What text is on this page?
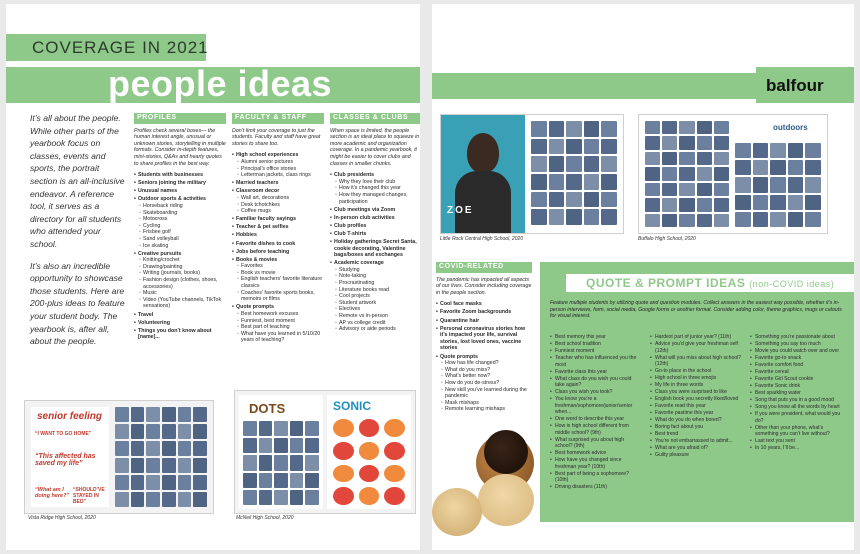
COVERAGE IN 2021
people ideas

It’s all about the people. While other parts of the yearbook focus on classes, events and sports, the portrait section is an all-inclusive endeavor. A reference tool, it serves as a directory for all students who attended your school.

It’s also an incredible opportunity to showcase those students. Here are 200-plus ideas to feature your student body. The yearbook is, after all, about the people.

PROFILES
Profiles check several boxes— the human interest angle, unusual or unknown stories, storytelling in multiple formats. Consider in-depth features, mini-stories, Q&As and hearty quotes to share profiles in the best way.
• Students with businesses
• Seniors joining the military
• Unusual names
• Outdoor sports & activities
◦ Horseback riding
◦ Skateboarding
◦ Motocross
◦ Cycling
◦ Frisbee golf
◦ Sand volleyball
◦ Ice skating
• Creative pursuits
◦ Knitting/crochet
◦ Drawing/painting
◦ Writing (journals, books)
◦ Fashion design (clothes, shoes, accessories)
◦ Music
◦ Video (YouTube channels, TikTok sensations)
• Travel
• Volunteering
• Things you don’t know about [name]...
FACULTY & STAFF
Don’t limit your coverage to just the students. Faculty and staff have great stories to share too.
• High school experiences
◦ Alumni senior pictures
◦ Principal’s office stories
◦ Letterman jackets, class rings
• Married teachers
• Classroom decor
◦ Wall art, decorations
◦ Desk tchotchkes
◦ Coffee mugs
• Familiar faculty sayings
• Teacher & pet selfies
• Hobbies
• Favorite dishes to cook
• Jobs before teaching
• Books & movies
◦ Favorites
◦ Book vs movie
◦ English teachers’ favorite literature classics
◦ Coaches’ favorite sports books, memoirs or films
• Quote prompts
◦ Best homework excuses
◦ Funniest, best moment
◦ Best part of teaching
◦ What have you learned in 5/10/20 years of teaching?
CLASSES & CLUBS
When space is limited, the people section is an ideal place to squeeze in more academic and organization coverage. In a pandemic yearbook, it might be easier to cover clubs and classes in smaller chunks.
• Club presidents
◦ Why they love their club
◦ How it’s changed this year
◦ How they managed changes, participation
• Club meetings via Zoom
• In-person club activities
• Club profiles
• Club T-shirts
• Holiday gatherings Secret Santa, cookie decorating, Valentine bags/boxes and exchanges
• Academic coverage
◦ Studying
◦ Note-taking
◦ Procrastinating
◦ Literature books read
◦ Cool projects
◦ Student artwork
◦ Electives
◦ Remote vs in-person
◦ AP vs college credit
◦ Advisory or aide periods
senior feeling
“I WANT TO GO HOME”
“This affected has saved my life”
“What am I doing here?”
“SHOULD’VE STAYED IN BED”
Vista Ridge High School, 2020
DOTS	SONIC
McNeil High School, 2020
balfour
ZOE
Little Rock Central High School, 2020
outdoors
Buffalo High School, 2020
COVID-RELATED
The pandemic has impacted all aspects of our lives. Consider including coverage in the people section.
• Cool face masks
• Favorite Zoom backgrounds
• Quarantine hair
• Personal coronavirus stories how it’s impacted your life, survival stories, lost loved ones, vaccine stories
• Quote prompts
◦ How has life changed?
◦ What do you miss?
◦ What’s better now?
◦ How do you de-stress?
◦ New skill you’ve learned during the pandemic
◦ Mask mishaps
◦ Remote learning mishaps
QUOTE & PROMPT IDEAS (non-COVID ideas)
Feature multiple students by utilizing quote and question modules. Collect answers in the easiest way possible, whether it’s in-person interviews, form, social media, Google forms or another format. Consider adding color, theme graphics, mugs or cutouts for visual interest.
• Best memory this year
• Best school tradition
• Funniest moment
• Teacher who has influenced you the most
• Favorite class this year
• What class do you wish you could take again?
• Class you wish you took?
• You know you’re a freshman/sophomore/junior/senior when...
• One word to describe this year
• How is high school different from middle school? (9th)
• What surprised you about high school? (9th)
• Best homework advice
• How have you changed since freshman year? (10th)
• Best part of being a sophomore? (10th)
• Driving disasters (11th)
• Hardest part of junior year? (11th)
• Advice you’d give your freshman self (12th)
• What will you miss about high school? (12th)
• Go-to place in the school
• High school in three emojis
• My life in three words
• Class you were surprised to like
• English book you secretly liked/loved
• Favorite read this year
• Favorite pastime this year
• What do you do when bored?
• Boring fact about you
• Best trend
• You’re not embarrassed to admit...
• What are you afraid of?
• Guilty pleasure
• Something you’re passionate about
• Something you say too much
• Movie you could watch over and over
• Favorite go-to snack
• Favorite comfort food
• Favorite cereal
• Favorite Girl Scout cookie
• Favorite Sonic drink
• Best sparkling water
• Song that puts you in a good mood
• Song you know all the words by heart
• If you were president, what would you do?
• Other than your phone, what’s something you can’t live without?
• Last text you sent
• In 10 years, I’ll be...
